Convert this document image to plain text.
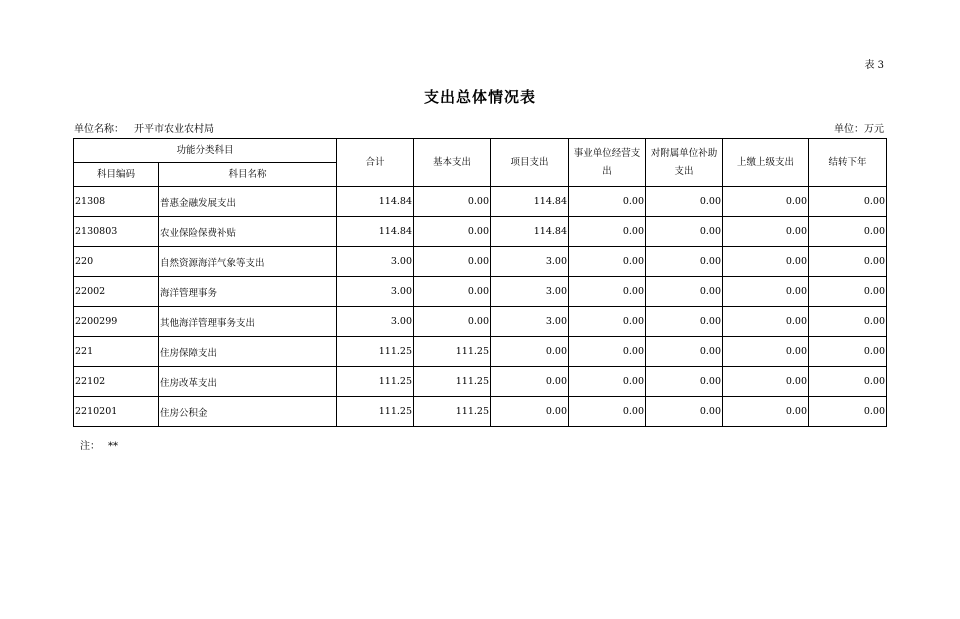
表 3
支出总体情况表
单位名称： 开平市农业农村局	单位：万元
功能分类科目		合计	基本支出	项目支出	事业单位经营支出	对附属单位补助支出	上缴上级支出	结转下年
科目编码	科目名称							
21308	普惠金融发展支出	114.84	0.00	114.84	0.00	0.00	0.00	0.00
2130803	农业保险保费补贴	114.84	0.00	114.84	0.00	0.00	0.00	0.00
220	自然资源海洋气象等支出	3.00	0.00	3.00	0.00	0.00	0.00	0.00
22002	海洋管理事务	3.00	0.00	3.00	0.00	0.00	0.00	0.00
2200299	其他海洋管理事务支出	3.00	0.00	3.00	0.00	0.00	0.00	0.00
221	住房保障支出	111.25	111.25	0.00	0.00	0.00	0.00	0.00
22102	住房改革支出	111.25	111.25	0.00	0.00	0.00	0.00	0.00
2210201	住房公积金	111.25	111.25	0.00	0.00	0.00	0.00	0.00
注： **
